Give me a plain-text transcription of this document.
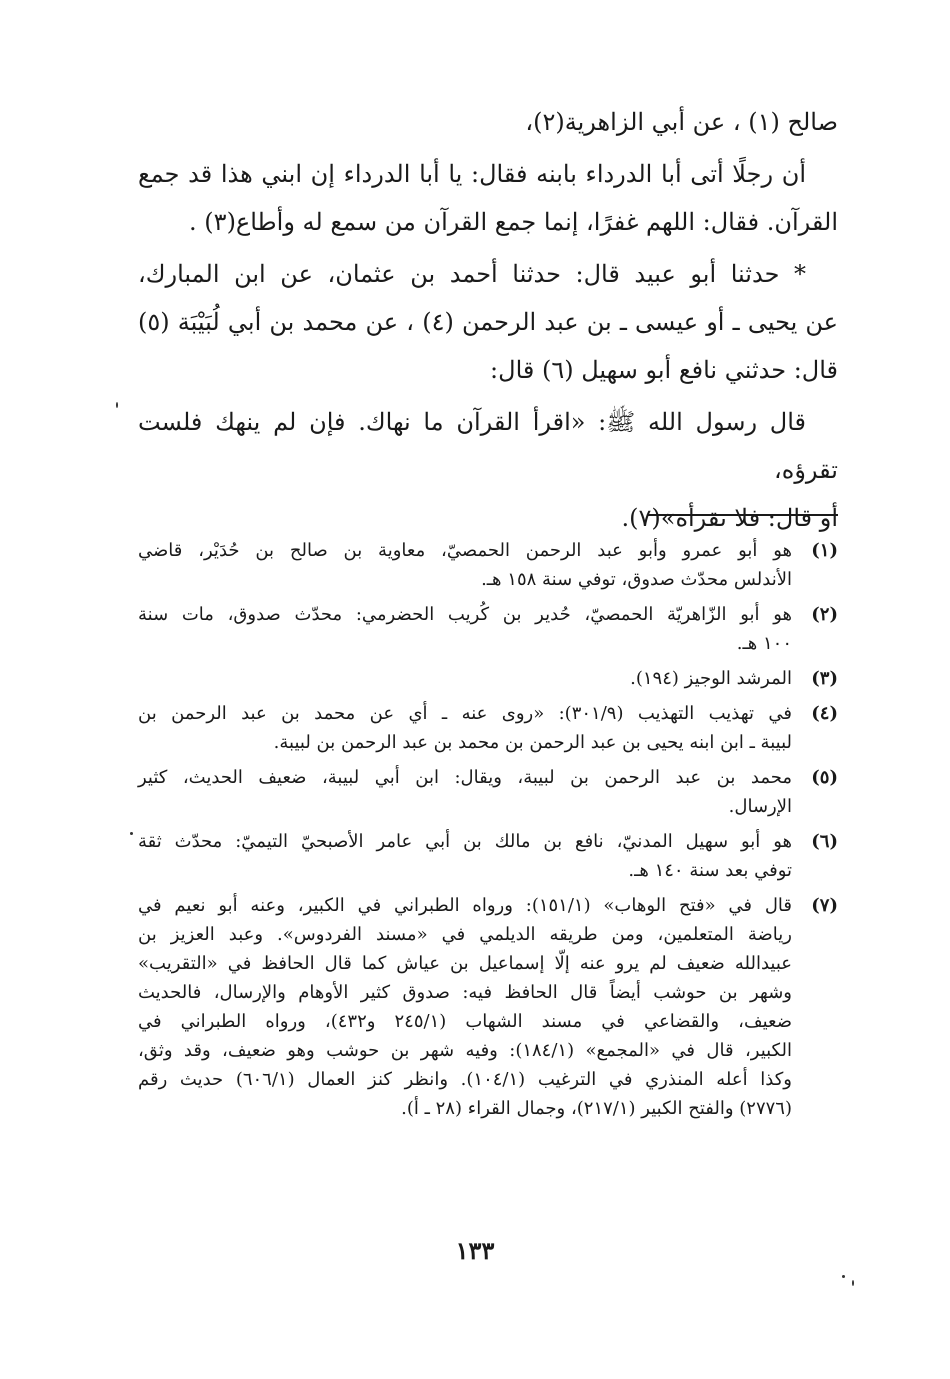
صالح (١) ، عن أبي الزاهرية(٢)،

أن رجلًا أتى أبا الدرداء بابنه فقال: يا أبا الدرداء إن ابني هذا قد جمع
القرآن. فقال: اللهم غفرًا، إنما جمع القرآن من سمع له وأطاع(٣) .

* حدثنا أبو عبيد قال: حدثنا أحمد بن عثمان، عن ابن المبارك،
عن يحيى ـ أو عيسى ـ بن عبد الرحمن (٤) ، عن محمد بن أبي لُبَيْبَة (٥)
قال: حدثني نافع أبو سهيل (٦) قال:

قال رسول الله ﷺ: «اقرأ القرآن ما نهاك. فإن لم ينهك فلست تقرؤه،
أو قال: فلا تقرأه»(٧).

(١)
هو أبو عمرو وأبو عبد الرحمن الحمصيّ، معاوية بن صالح بن حُدَيْر، قاضي
الأندلس محدّث صدوق، توفي سنة ١٥٨ هـ.
(٢)
هو أبو الزّاهريّة الحمصيّ، حُدير بن كُريب الحضرمي: محدّث صدوق، مات سنة
١٠٠ هـ.
(٣)
المرشد الوجيز (١٩٤).
(٤)
في تهذيب التهذيب (٣٠١/٩): «روى عنه ـ أي عن محمد بن عبد الرحمن بن
لبيبة ـ ابن ابنه يحيى بن عبد الرحمن بن محمد بن عبد الرحمن بن لبيبة.
(٥)
محمد بن عبد الرحمن بن لبيبة، ويقال: ابن أبي لبيبة، ضعيف الحديث، كثير
الإرسال.
(٦)
هو أبو سهيل المدنيّ، نافع بن مالك بن أبي عامر الأصبحيّ التيميّ: محدّث ثقة
توفي بعد سنة ١٤٠ هـ.
(٧)
قال في «فتح الوهاب» (١٥١/١): ورواه الطبراني في الكبير، وعنه أبو نعيم في
رياضة المتعلمين، ومن طريقه الديلمي في «مسند الفردوس». وعبد العزيز بن
عبيدالله ضعيف لم يرو عنه إلّا إسماعيل بن عياش كما قال الحافظ في «التقريب»
وشهر بن حوشب أيضاً قال الحافظ فيه: صدوق كثير الأوهام والإرسال، فالحديث
ضعيف، والقضاعي في مسند الشهاب (٢٤٥/١ و٤٣٢)، ورواه الطبراني في
الكبير، قال في «المجمع» (١٨٤/١): وفيه شهر بن حوشب وهو ضعيف، وقد وثق،
وكذا أعله المنذري في الترغيب (١٠٤/١). وانظر كنز العمال (٦٠٦/١) حديث رقم
(٢٧٧٦) والفتح الكبير (٢١٧/١)، وجمال القراء (٢٨ ـ أ).
١٣٣
